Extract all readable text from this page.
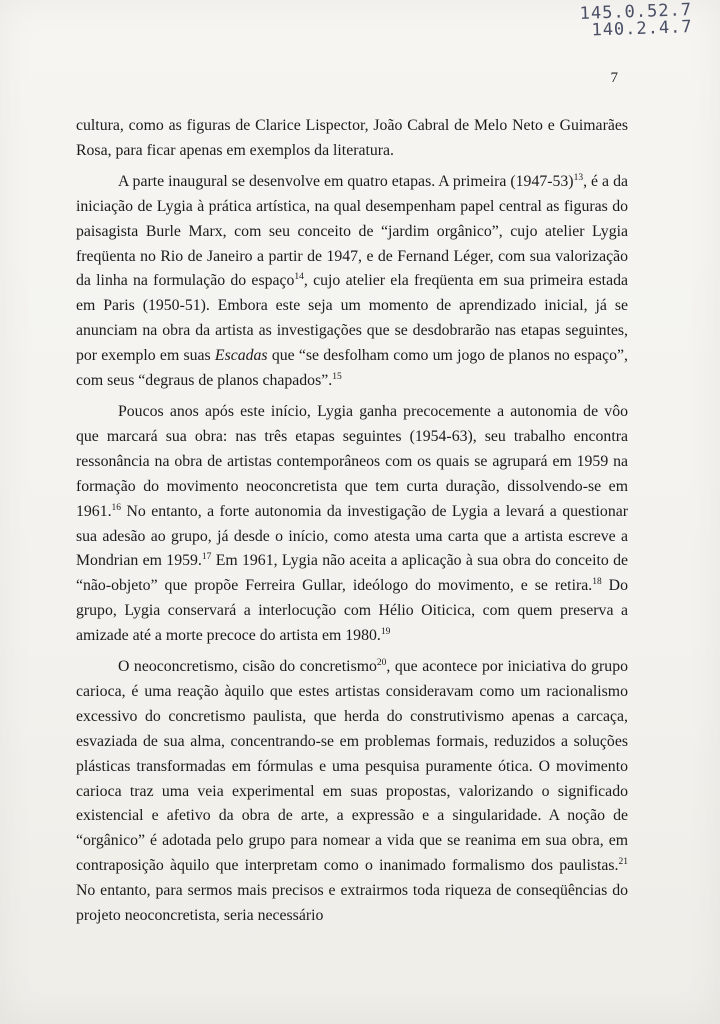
145.0.52.7
140.2.4.7
7

cultura, como as figuras de Clarice Lispector, João Cabral de Melo Neto e Guimarães Rosa, para ficar apenas em exemplos da literatura.

A parte inaugural se desenvolve em quatro etapas. A primeira (1947-53)$^{13}$, é a da iniciação de Lygia à prática artística, na qual desempenham papel central as figuras do paisagista Burle Marx, com seu conceito de “jardim orgânico”, cujo atelier Lygia freqüenta no Rio de Janeiro a partir de 1947, e de Fernand Léger, com sua valorização da linha na formulação do espaço$^{14}$, cujo atelier ela freqüenta em sua primeira estada em Paris (1950-51). Embora este seja um momento de aprendizado inicial, já se anunciam na obra da artista as investigações que se desdobrarão nas etapas seguintes, por exemplo em suas Escadas que “se desfolham como um jogo de planos no espaço”, com seus “degraus de planos chapados”.$^{15}$

Poucos anos após este início, Lygia ganha precocemente a autonomia de vôo que marcará sua obra: nas três etapas seguintes (1954-63), seu trabalho encontra ressonância na obra de artistas contemporâneos com os quais se agrupará em 1959 na formação do movimento neoconcretista que tem curta duração, dissolvendo-se em 1961.16 No entanto, a forte autonomia da investigação de Lygia a levará a questionar sua adesão ao grupo, já desde o início, como atesta uma carta que a artista escreve a Mondrian em 1959.17 Em 1961, Lygia não aceita a aplicação à sua obra do conceito de “não-objeto” que propõe Ferreira Gullar, ideólogo do movimento, e se retira.$^{18}$ Do grupo, Lygia conservará a interlocução com Hélio Oiticica, com quem preserva a amizade até a morte precoce do artista em 1980.19

O neoconcretismo, cisão do concretismo$^{20}$, que acontece por iniciativa do grupo carioca, é uma reação àquilo que estes artistas consideravam como um racionalismo excessivo do concretismo paulista, que herda do construtivismo apenas a carcaça, esvaziada de sua alma, concentrando-se em problemas formais, reduzidos a soluções plásticas transformadas em fórmulas e uma pesquisa puramente ótica. O movimento carioca traz uma veia experimental em suas propostas, valorizando o significado existencial e afetivo da obra de arte, a expressão e a singularidade. A noção de “orgânico” é adotada pelo grupo para nomear a vida que se reanima em sua obra, em contraposição àquilo que interpretam como o inanimado formalismo dos paulistas.$^{21}$ No entanto, para sermos mais precisos e extrairmos toda riqueza de conseqüências do projeto neoconcretista, seria necessário
